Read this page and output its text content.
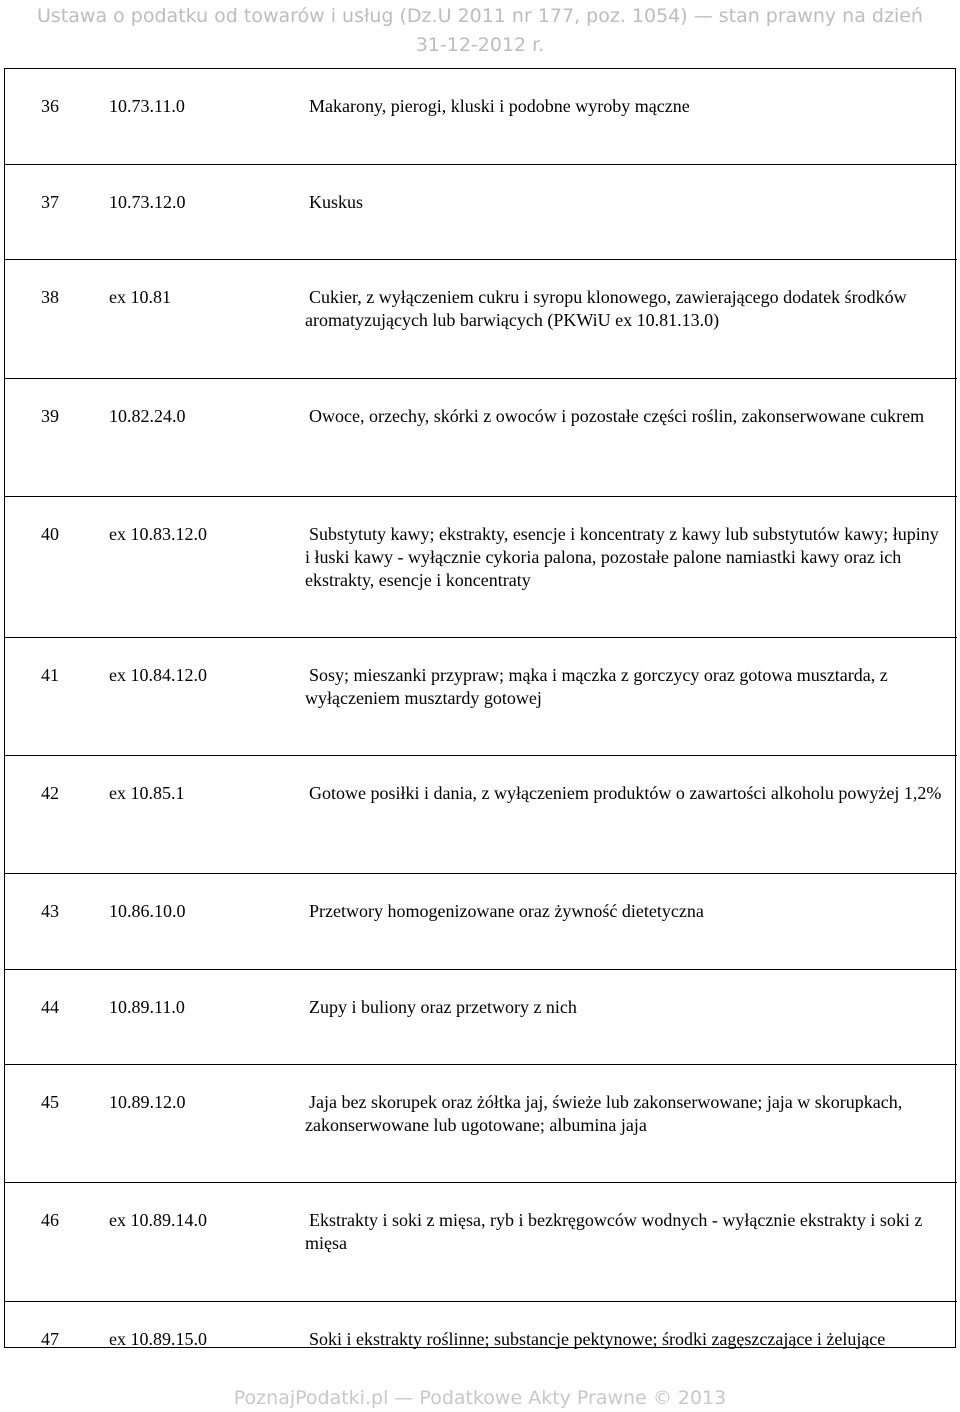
Ustawa o podatku od towarów i usług (Dz.U 2011 nr 177, poz. 1054) — stan prawny na dzień
31-12-2012 r.
36	10.73.11.0	Makarony, pierogi, kluski i podobne wyroby mączne
37	10.73.12.0	Kuskus
38	ex 10.81	Cukier, z wyłączeniem cukru i syropu klonowego, zawierającego dodatek środków aromatyzujących lub barwiących (PKWiU ex 10.81.13.0)
39	10.82.24.0	Owoce, orzechy, skórki z owoców i pozostałe części roślin, zakonserwowane cukrem
40	ex 10.83.12.0	Substytuty kawy; ekstrakty, esencje i koncentraty z kawy lub substytutów kawy; łupiny i łuski kawy - wyłącznie cykoria palona, pozostałe palone namiastki kawy oraz ich ekstrakty, esencje i koncentraty
41	ex 10.84.12.0	Sosy; mieszanki przypraw; mąka i mączka z gorczycy oraz gotowa musztarda, z wyłączeniem musztardy gotowej
42	ex 10.85.1	Gotowe posiłki i dania, z wyłączeniem produktów o zawartości alkoholu powyżej 1,2%
43	10.86.10.0	Przetwory homogenizowane oraz żywność dietetyczna
44	10.89.11.0	Zupy i buliony oraz przetwory z nich
45	10.89.12.0	Jaja bez skorupek oraz żółtka jaj, świeże lub zakonserwowane; jaja w skorupkach, zakonserwowane lub ugotowane; albumina jaja
46	ex 10.89.14.0	Ekstrakty i soki z mięsa, ryb i bezkręgowców wodnych - wyłącznie ekstrakty i soki z mięsa
47	ex 10.89.15.0	Soki i ekstrakty roślinne; substancje pektynowe; środki zagęszczające i żelujące
PoznajPodatki.pl — Podatkowe Akty Prawne © 2013
